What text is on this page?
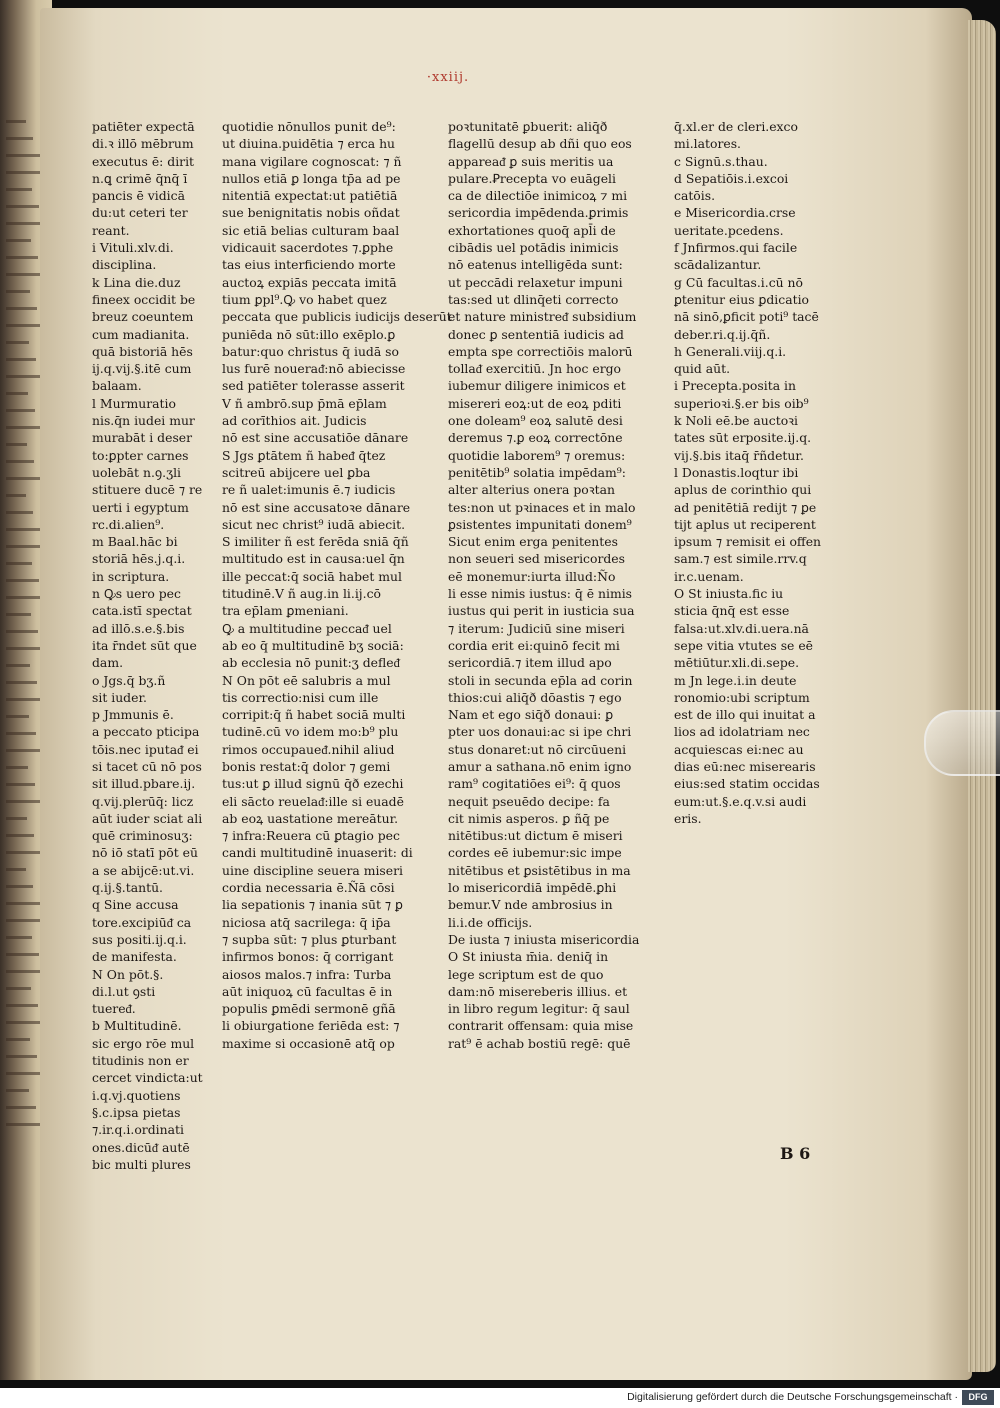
·xxiij.
patiēter expectā
di.ꝛ illō mēbrum
executus ē: dirit
n.ꝗ crimē q̄nq̄ ī
pancis ē vidicā
du:ut ceteri ter
reant.
i Vituli.xlv.di.
disciplina.
k Lina die.duz
fineex occidit be
breuz coeuntem
cum madianita.
quā bistoriā hēs
ij.q.vij.§.itē cum
balaam.
l Murmuratio
nis.q̄n iudei mur
murabāt i deser
to:ꝑpter carnes
uolebāt n.ꝯ.ʒli
stituere ducē ⁊ re
uerti i egyptum
rc.di.alien⁹.
m Baal.hāc bi
storiā hēs.j.q.i.
in scriptura.
n Ꝙs uero pec
cata.istī spectat
ad illō.s.e.§.bis
ita r̄ndet sūt que
dam.
o Jgs.q̄ bʒ.ñ
sit iuder.
p Jmmunis ē.
a peccato pticipa
tōis.nec iputaᵭ ei
si tacet cū nō pos
sit illud.pbare.ij.
q.vij.plerūq̄: licz
aūt iuder sciat ali
quē criminosuʒ:
nō iō statī pōt eū
a se abijcē:ut.vi.
q.ij.§.tantū.
q Sine accusa
tore.excipiūᵭ ca
sus positi.ij.q.i.
de manifesta.
N On pōt.§.
di.l.ut ꝯsti
tuereᵭ.
b Multitudinē.
sic ergo rōe mul
titudinis non er
cercet vindicta:ut
i.q.vj.quotiens
§.c.ipsa pietas
⁊.ir.q.i.ordinati
ones.dicūᵭ autē
bic multi plures
quotidie nōnullos punit de⁹:
ut diuina.puidētia ⁊ erca hu
mana vigilare cognoscat: ⁊ ñ
nullos etiā ꝑ longa tp̄a ad pe
nitentiā expectat:ut patiētiā
sue benignitatis nobis oñdat
sic etiā belias culturam baal
vidicauit sacerdotes ⁊.ꝑphe
tas eius interficiendo morte
auctoꝝ expiās peccata imitā
tium ꝑpl⁹.Ꝙ vo habet quez
peccata que publicis iudicijs deserūt
puniēda nō sūt:illo exēplo.ꝑ
batur:quo christus q̄ iudā so
lus furē noueraᵭ:nō abiecisse
sed patiēter tolerasse asserit
V ñ ambrō.sup p̄mā ep̄lam
ad corīthios ait. Judicis
nō est sine accusatiōe dānare
S Jgs ꝑtātem ñ habeᵭ q̄tez
scitreū abijcere uel ꝑba
re ñ ualet:imunis ē.⁊ iudicis
nō est sine accusatoꝛe dānare
sicut nec christ⁹ iudā abiecit.
S imiliter ñ est ferēda sniā q̄ñ
multitudo est in causa:uel q̄n
ille peccat:q̄ sociā habet mul
titudinē.V ñ aug.in li.ij.cō
tra ep̄lam ꝑmeniani.
Ꝙ a multitudine peccaᵭ uel
ab eo q̄ multitudinē bʒ sociā:
ab ecclesia nō punit:ʒ defleᵭ
N On pōt eē salubris a mul
tis correctio:nisi cum ille
corripit:q̄ ñ habet sociā multi
tudinē.cū vo idem mo:b⁹ plu
rimos occupaueᵭ.nihil aliud
bonis restat:q̄ dolor ⁊ gemi
tus:ut ꝑ illud signū q̄ð ezechi
eli sācto reuelaᵭ:ille si euadē
ab eoꝝ uastatione mereātur.
⁊ infra:Reuera cū ꝑtagio pec
candi multitudinē inuaserit: di
uine discipline seuera miseri
cordia necessaria ē.Ñā cōsi
lia sepationis ⁊ inania sūt ⁊ ꝑ
niciosa atq̄ sacrilega: q̄ ip̄a
⁊ supba sūt: ⁊ plus ꝑturbant
infirmos bonos: q̄ corrigant
aiosos malos.⁊ infra: Turba
aūt iniquoꝝ cū facultas ē in
populis ꝑmēdi sermonē gñā
li obiurgatione feriēda est: ⁊
maxime si occasionē atq̄ op
poꝛtunitatē ꝑbuerit: aliq̄ð
flagellū desup ab dñi quo eos
appareaᵭ ꝑ suis meritis ua
pulare.Ꝑrecepta vo euāgeli
ca de dilectiōe inimicoꝝ ⁊ mi
sericordia impēdenda.ꝑrimis
exhortationes quoq̄ apl̄i de
cibādis uel potādis inimicis
nō eatenus intelligēda sunt:
ut peccādi relaxetur impuni
tas:sed ut dlinq̄eti correcto
et nature ministreᵭ subsidium
donec ꝑ sententiā iudicis ad
empta spe correctiōis malorū
tollaᵭ exercitiū. Jn hoc ergo
iubemur diligere inimicos et
misereri eoꝝ:ut de eoꝝ pditi
one doleam⁹ eoꝝ salutē desi
deremus ⁊.ꝑ eoꝝ correctōne
quotidie laborem⁹ ⁊ oremus:
penitētib⁹ solatia impēdam⁹:
alter alterius onera poꝛtan
tes:non ut pꝛinaces et in malo
ꝑsistentes impunitati donem⁹
Sicut enim erga penitentes
non seueri sed misericordes
eē monemur:iurta illud:Ño
li esse nimis iustus: q̄ ē nimis
iustus qui perit in iusticia sua
⁊ iterum: Judiciū sine miseri
cordia erit ei:quinō fecit mi
sericordiā.⁊ item illud apo
stoli in secunda ep̄la ad corin
thios:cui aliq̄ð dōastis ⁊ ego
Nam et ego siq̄ð donaui: ꝑ
pter uos donaui:ac si ipe chri
stus donaret:ut nō circūueni
amur a sathana.nō enim igno
ram⁹ cogitatiōes ei⁹: q̄ quos
nequit pseuēdo decipe: fa
cit nimis asperos. ꝑ ñq̄ pe
nitētibus:ut dictum ē miseri
cordes eē iubemur:sic impe
nitētibus et ꝑsistētibus in ma
lo misericordiā impēdē.ꝑhi
bemur.V nde ambrosius in
li.i.de officijs.
De iusta ⁊ iniusta misericordia
O St iniusta m̄ia. deniq̄ in
lege scriptum est de quo
dam:nō misereberis illius. et
in libro regum legitur: q̄ saul
contrarit offensam: quia mise
rat⁹ ē achab bostiū regē: quē
q̄.xl.er de cleri.exco
mi.latores.
c Signū.s.thau.
d Sepatiōis.i.excoi
catōis.
e Misericordia.crse
ueritate.pcedens.
f Jnfirmos.qui facile
scādalizantur.
g Cū facultas.i.cū nō
ꝑtenitur eius ꝑdicatio
nā sinō,ꝑficit poti⁹ tacē
deber.ri.q.ij.q̄ñ.
h Generali.viij.q.i.
quid aūt.
i Precepta.posita in
superioꝛi.§.er bis oib⁹
k Noli eē.be auctoꝛi
tates sūt erposite.ij.q.
vij.§.bis itaq̄ r̄ñdetur.
l Donastis.loqtur ibi
aplus de corinthio qui
ad penitētiā redijt ⁊ ꝑe
tijt aplus ut reciperent
ipsum ⁊ remisit ei offen
sam.⁊ est simile.rrv.q
ir.c.uenam.
O St iniusta.fic iu
sticia q̄nq̄ est esse
falsa:ut.xlv.di.uera.nā
sepe vitia vtutes se eē
mētiūtur.xli.di.sepe.
m Jn lege.i.in deute
ronomio:ubi scriptum
est de illo qui inuitat a
lios ad idolatriam nec
acquiescas ei:nec au
dias eū:nec miserearis
eius:sed statim occidas
eum:ut.§.e.q.v.si audi
eris.
B 6
Digitalisierung gefördert durch die Deutsche Forschungsgemeinschaft ·	DFG
